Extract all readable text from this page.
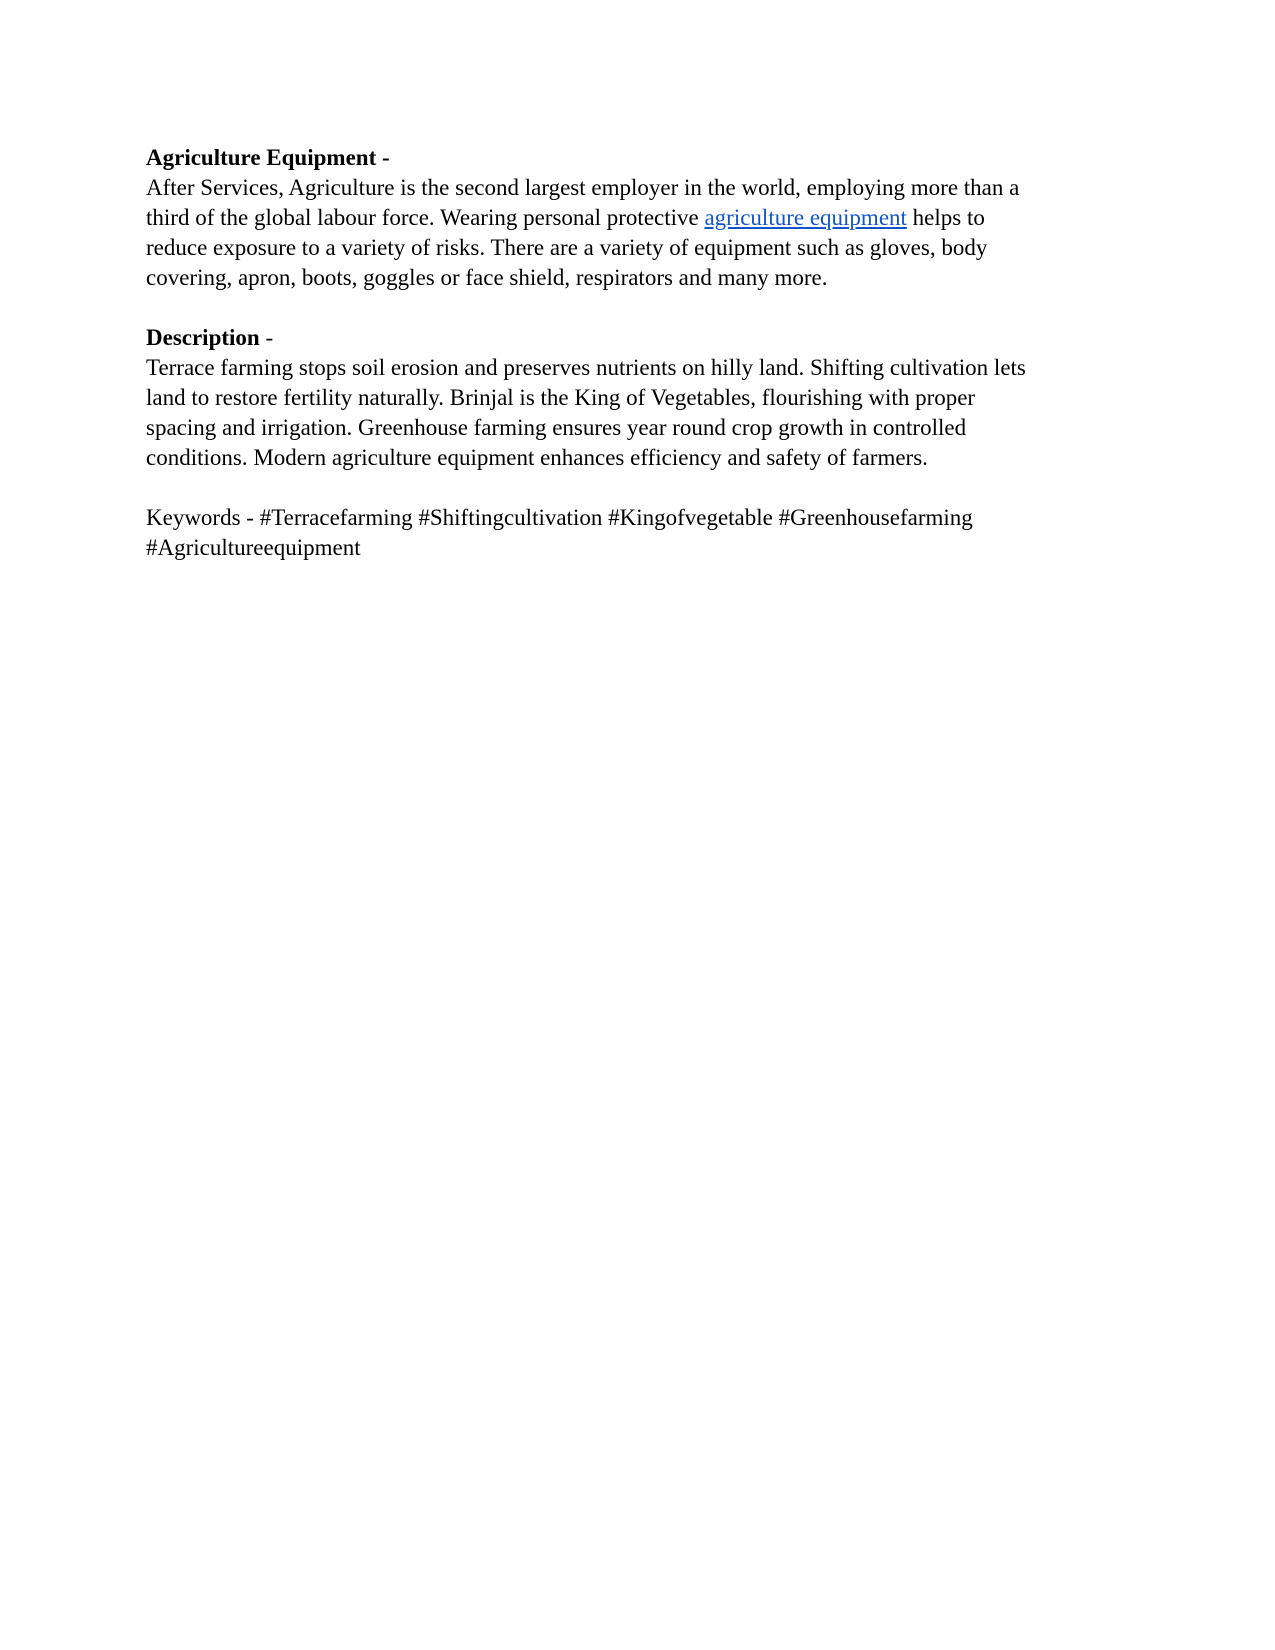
Agriculture Equipment -
After Services, Agriculture is the second largest employer in the world, employing more than a
third of the global labour force. Wearing personal protective agriculture equipment helps to
reduce exposure to a variety of risks. There are a variety of equipment such as gloves, body
covering, apron, boots, goggles or face shield, respirators and many more.
Description -
Terrace farming stops soil erosion and preserves nutrients on hilly land. Shifting cultivation lets
land to restore fertility naturally. Brinjal is the King of Vegetables, flourishing with proper
spacing and irrigation. Greenhouse farming ensures year round crop growth in controlled
conditions. Modern agriculture equipment enhances efficiency and safety of farmers.
Keywords - #Terracefarming #Shiftingcultivation #Kingofvegetable #Greenhousefarming
#Agricultureequipment
